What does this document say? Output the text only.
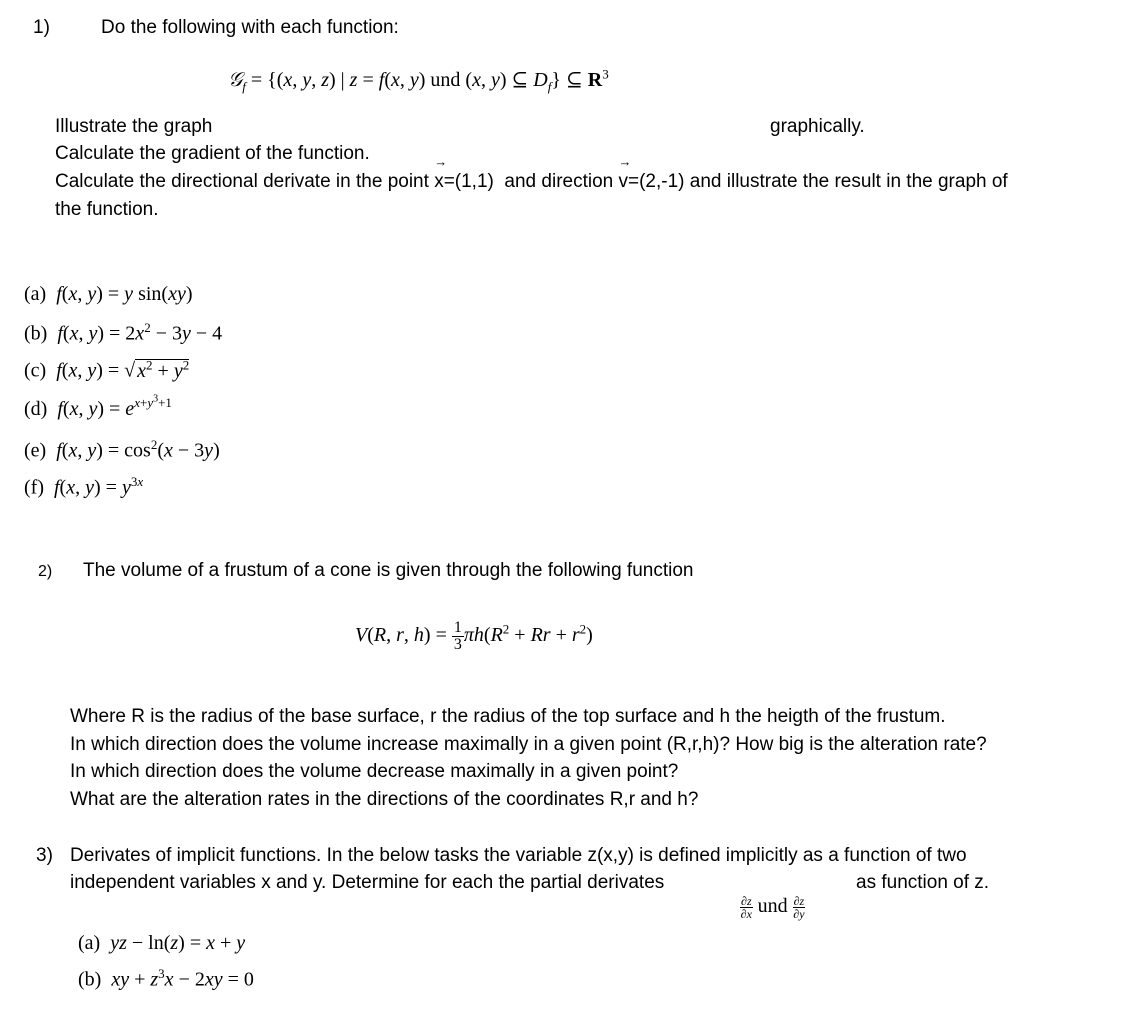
1)	Do the following with each function:
𝒢$_f$ = {(x, y, z) | z = f(x, y) und (x, y) ⊆ $D_f$} ⊆ $R^3$
Illustrate the graph	graphically.
Calculate the gradient of the function.
Calculate the directional derivate in the point → x=(1,1) and direction → v=(2,-1) and illustrate the result in the graph of
the function.
(a)  f(x, y) = y sin(xy)
(b)  f(x, $y) = 2x^2 - 3y - 4$
(c)  f(x, y) = √ $x^2 + y^2$
(d)  f(x, $y) = e^{x+y^3+1}$
(e)  f(x, $y) = \cos^2(x - 3y)$
(f)  f(x, $y) = y^{3x}$
2) The volume of a frustum of a cone is given through the following function
V(R, r, $h) = \frac{1}{3} \pi h(R^2 + Rr + r^2)$
Where R is the radius of the base surface, r the radius of the top surface and h the heigth of the frustum.
In which direction does the volume increase maximally in a given point (R,r,h)? How big is the alteration rate?
In which direction does the volume decrease maximally in a given point?
What are the alteration rates in the directions of the coordinates R,r and h?
3) Derivates of implicit functions. In the below tasks the variable z(x,y) is defined implicitly as a function of two
independent variables x and y. Determine for each the partial derivates	as function of z.
$\frac{\partial z}{\partial x}$ und $\frac{\partial z}{\partial y}$
(a)  yz − ln(z) = x + y
(b)  xy + $z^3x - 2xy = 0$
